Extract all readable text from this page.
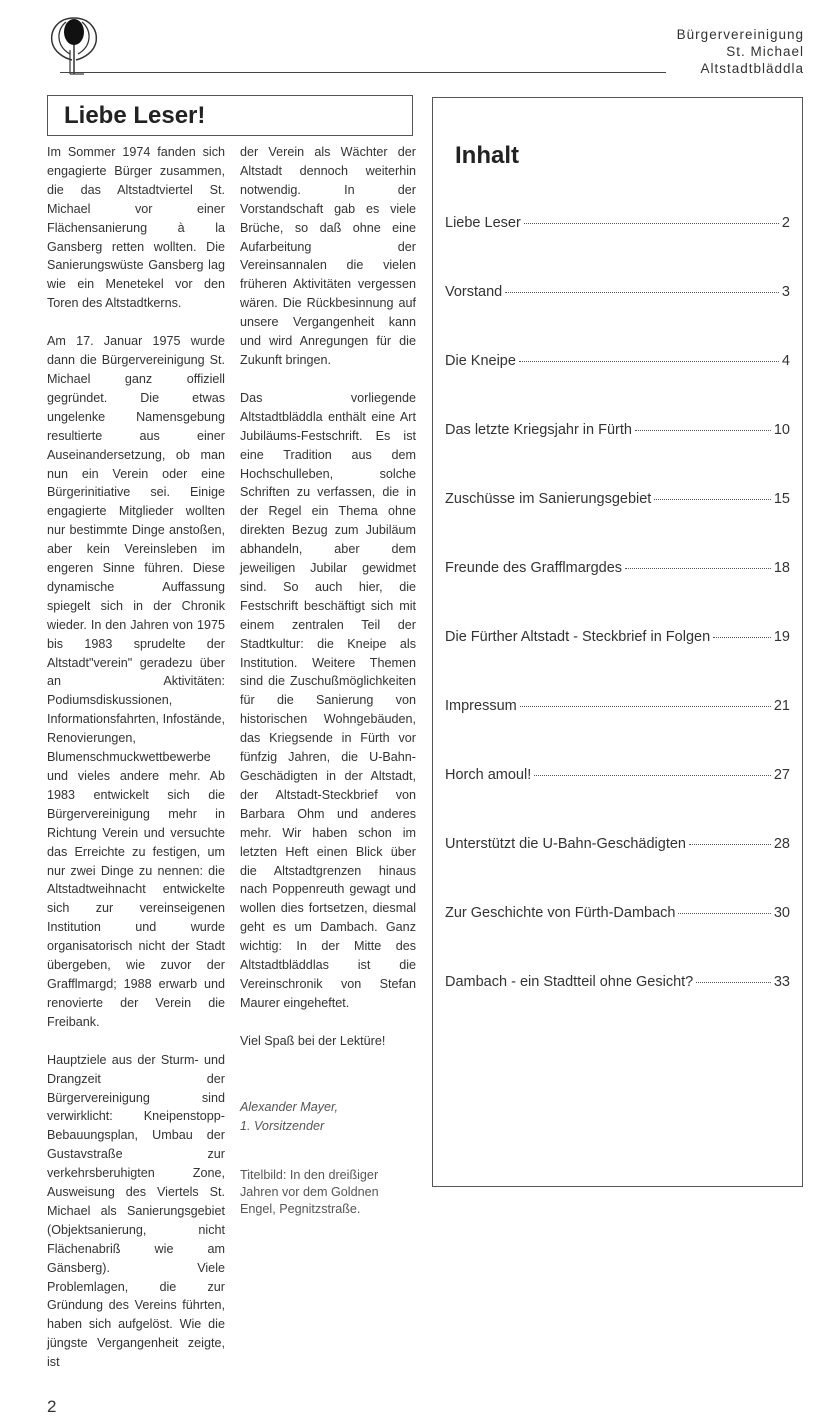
Bürgervereinigung
St. Michael
Altstadtbläddla
Liebe Leser!

Im Sommer 1974 fanden sich engagierte Bürger zusammen, die das Altstadtviertel St. Michael vor einer Flächensanierung à la Gansberg retten wollten. Die Sanierungswüste Gansberg lag wie ein Menetekel vor den Toren des Altstadtkerns.

Am 17. Januar 1975 wurde dann die Bürgervereinigung St. Michael ganz offiziell gegründet. Die etwas ungelenke Namensgebung resultierte aus einer Auseinandersetzung, ob man nun ein Verein oder eine Bürgerinitiative sei. Einige engagierte Mitglieder wollten nur bestimmte Dinge anstoßen, aber kein Vereinsleben im engeren Sinne führen. Diese dynamische Auffassung spiegelt sich in der Chronik wieder. In den Jahren von 1975 bis 1983 sprudelte der Altstadt"verein" geradezu über an Aktivitäten: Podiumsdiskussionen, Informationsfahrten, Infostände, Renovierungen, Blumenschmuckwettbewerbe und vieles andere mehr. Ab 1983 entwickelt sich die Bürgervereinigung mehr in Richtung Verein und versuchte das Erreichte zu festigen, um nur zwei Dinge zu nennen: die Altstadtweihnacht entwickelte sich zur vereinseigenen Institution und wurde organisatorisch nicht der Stadt übergeben, wie zuvor der Grafflmargd; 1988 erwarb und renovierte der Verein die Freibank.

Hauptziele aus der Sturm- und Drangzeit der Bürgervereinigung sind verwirklicht: Kneipenstopp-Bebauungsplan, Umbau der Gustavstraße zur verkehrsberuhigten Zone, Ausweisung des Viertels St. Michael als Sanierungsgebiet (Objektsanierung, nicht Flächenabriß wie am Gänsberg). Viele Problemlagen, die zur Gründung des Vereins führten, haben sich aufgelöst. Wie die jüngste Vergangenheit zeigte, ist

2

der Verein als Wächter der Altstadt dennoch weiterhin notwendig. In der Vorstandschaft gab es viele Brüche, so daß ohne eine Aufarbeitung der Vereinsannalen die vielen früheren Aktivitäten vergessen wären. Die Rückbesinnung auf unsere Vergangenheit kann und wird Anregungen für die Zukunft bringen.

Das vorliegende Altstadtbläddla enthält eine Art Jubiläums-Festschrift. Es ist eine Tradition aus dem Hochschulleben, solche Schriften zu verfassen, die in der Regel ein Thema ohne direkten Bezug zum Jubiläum abhandeln, aber dem jeweiligen Jubilar gewidmet sind. So auch hier, die Festschrift beschäftigt sich mit einem zentralen Teil der Stadtkultur: die Kneipe als Institution. Weitere Themen sind die Zuschußmöglichkeiten für die Sanierung von historischen Wohngebäuden, das Kriegsende in Fürth vor fünfzig Jahren, die U-Bahn-Geschädigten in der Altstadt, der Altstadt-Steckbrief von Barbara Ohm und anderes mehr. Wir haben schon im letzten Heft einen Blick über die Altstadtgrenzen hinaus nach Poppenreuth gewagt und wollen dies fortsetzen, diesmal geht es um Dambach. Ganz wichtig: In der Mitte des Altstadtbläddlas ist die Vereinschronik von Stefan Maurer eingeheftet.

Viel Spaß bei der Lektüre!

Alexander Mayer,
1. Vorsitzender

Titelbild: In den dreißiger Jahren vor dem Goldnen Engel, Pegnitzstraße.
Inhalt
Liebe Leser	2
Vorstand	3
Die Kneipe	4
Das letzte Kriegsjahr in Fürth	10
Zuschüsse im Sanierungsgebiet	15
Freunde des Grafflmargdes	18
Die Fürther Altstadt - Steckbrief in Folgen	19
Impressum	21
Horch amoul!	27
Unterstützt die U-Bahn-Geschädigten	28
Zur Geschichte von Fürth-Dambach	30
Dambach - ein Stadtteil ohne Gesicht?	33
